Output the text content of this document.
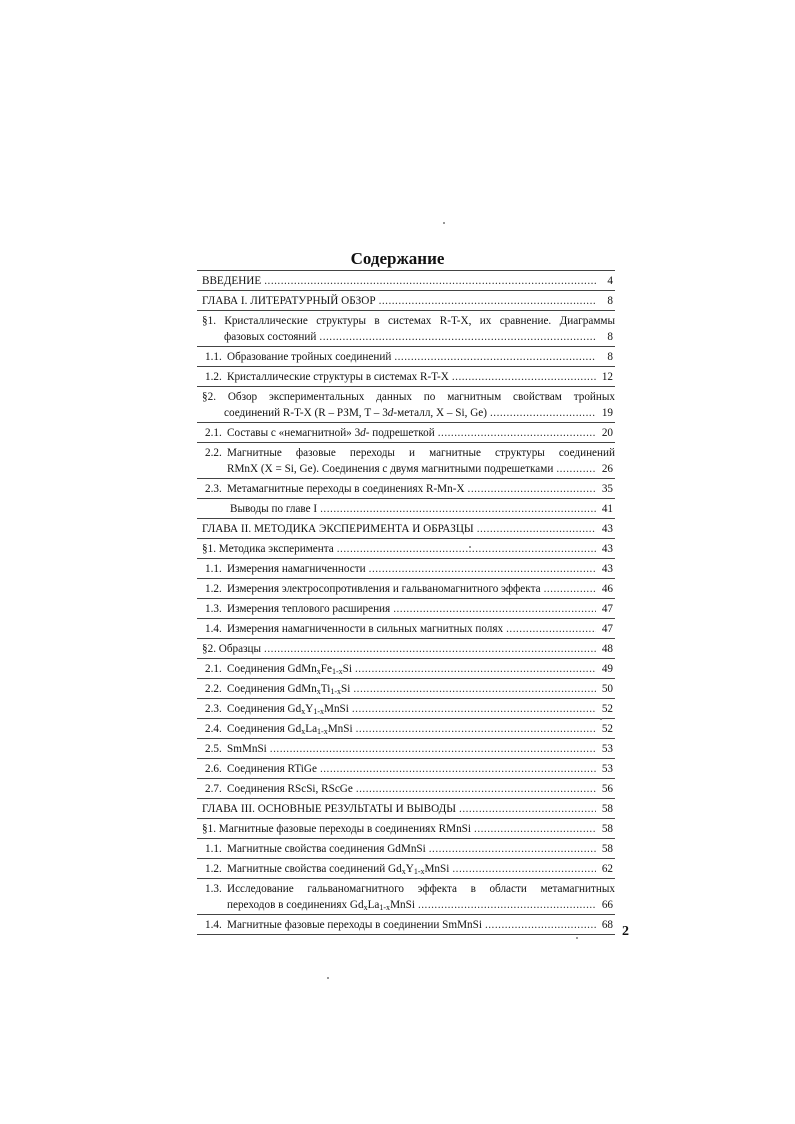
Содержание
ВВЕДЕНИЕ .....	4
ГЛАВА I. ЛИТЕРАТУРНЫЙ ОБЗОР .....	8
§1. Кристаллические структуры в системах R-T-X, их сравнение. Диаграммы
фазовых состояний .....	8
1.1. Образование тройных соединений .....	8
1.2. Кристаллические структуры в системах R-T-X .....	12
§2. Обзор экспериментальных данных по магнитным свойствам тройных
соединений R-T-X (R – РЗМ, T – 3d-металл, X – Si, Ge) .....	19
2.1. Составы с «немагнитной» 3d- подрешеткой .....	20
2.2. Магнитные фазовые переходы и магнитные структуры соединений
RMnX (X = Si, Ge). Соединения с двумя магнитными подрешетками .....	26
2.3. Метамагнитные переходы в соединениях R-Mn-X .....	35
Выводы по главе I .....	41
ГЛАВА II. МЕТОДИКА ЭКСПЕРИМЕНТА И ОБРАЗЦЫ .....	43
§1. Методика эксперимента .....	43
1.1. Измерения намагниченности .....	43
1.2. Измерения электросопротивления и гальваномагнитного эффекта .....	46
1.3. Измерения теплового расширения .....	47
1.4. Измерения намагниченности в сильных магнитных полях .....	47
§2. Образцы .....	48
2.1. Соединения $GdMn_xFe_{1-x}Si$ .....	49
2.2. Соединения $GdMn_xTi_{1-x}Si$ .....	50
2.3. Соединения $Gd_xY_{1-x}MnSi$ .....	52
2.4. Соединения $Gd_xLa_{1-x}MnSi$ .....	52
2.5. SmMnSi .....	53
2.6. Соединения RTiGe .....	53
2.7. Соединения RScSi, RScGe .....	56
ГЛАВА III. ОСНОВНЫЕ РЕЗУЛЬТАТЫ И ВЫВОДЫ .....	58
§1. Магнитные фазовые переходы в соединениях RMnSi .....	58
1.1. Магнитные свойства соединения GdMnSi .....	58
1.2. Магнитные свойства соединений $Gd_xY_{1-x}MnSi$ .....	62
1.3. Исследование гальваномагнитного эффекта в области метамагнитных
переходов в соединениях $Gd_xLa_{1-x}MnSi$ .....	66
1.4. Магнитные фазовые переходы в соединении SmMnSi .....	68 2
